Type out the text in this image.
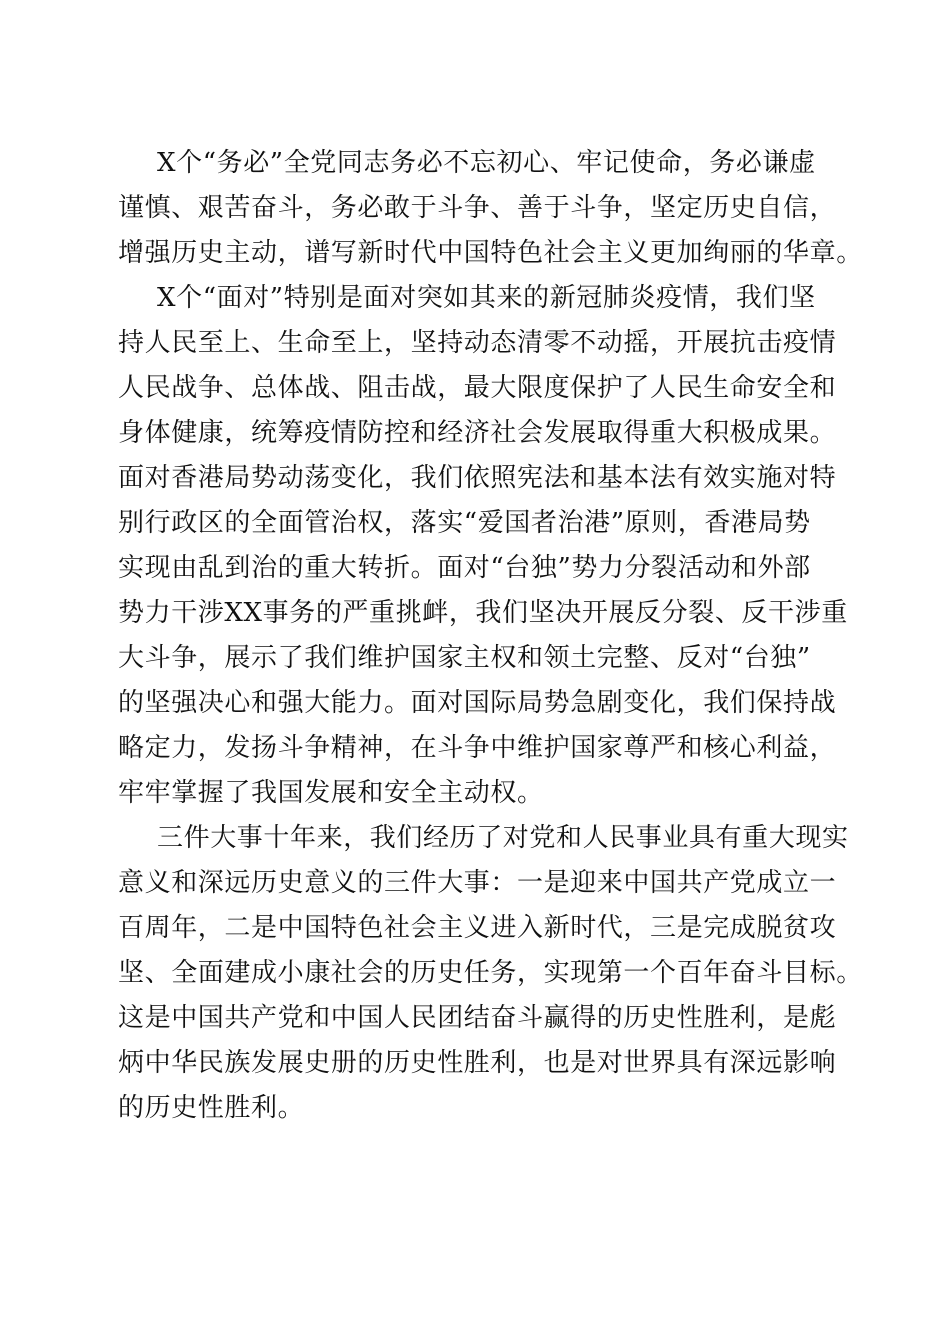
X个“务必”全党同志务必不忘初心、牢记使命，务必谦虚

谨慎、艰苦奋斗，务必敢于斗争、善于斗争，坚定历史自信，

增强历史主动，谱写新时代中国特色社会主义更加绚丽的华章。

X个“面对”特别是面对突如其来的新冠肺炎疫情，我们坚

持人民至上、生命至上，坚持动态清零不动摇，开展抗击疫情

人民战争、总体战、阻击战，最大限度保护了人民生命安全和

身体健康，统筹疫情防控和经济社会发展取得重大积极成果。

面对香港局势动荡变化，我们依照宪法和基本法有效实施对特

别行政区的全面管治权，落实“爱国者治港”原则，香港局势

实现由乱到治的重大转折。面对“台独”势力分裂活动和外部

势力干涉XX事务的严重挑衅，我们坚决开展反分裂、反干涉重

大斗争，展示了我们维护国家主权和领土完整、反对“台独”

的坚强决心和强大能力。面对国际局势急剧变化，我们保持战

略定力，发扬斗争精神，在斗争中维护国家尊严和核心利益，

牢牢掌握了我国发展和安全主动权。

三件大事十年来，我们经历了对党和人民事业具有重大现实

意义和深远历史意义的三件大事：一是迎来中国共产党成立一

百周年，二是中国特色社会主义进入新时代，三是完成脱贫攻

坚、全面建成小康社会的历史任务，实现第一个百年奋斗目标。

这是中国共产党和中国人民团结奋斗赢得的历史性胜利，是彪

炳中华民族发展史册的历史性胜利，也是对世界具有深远影响

的历史性胜利。
